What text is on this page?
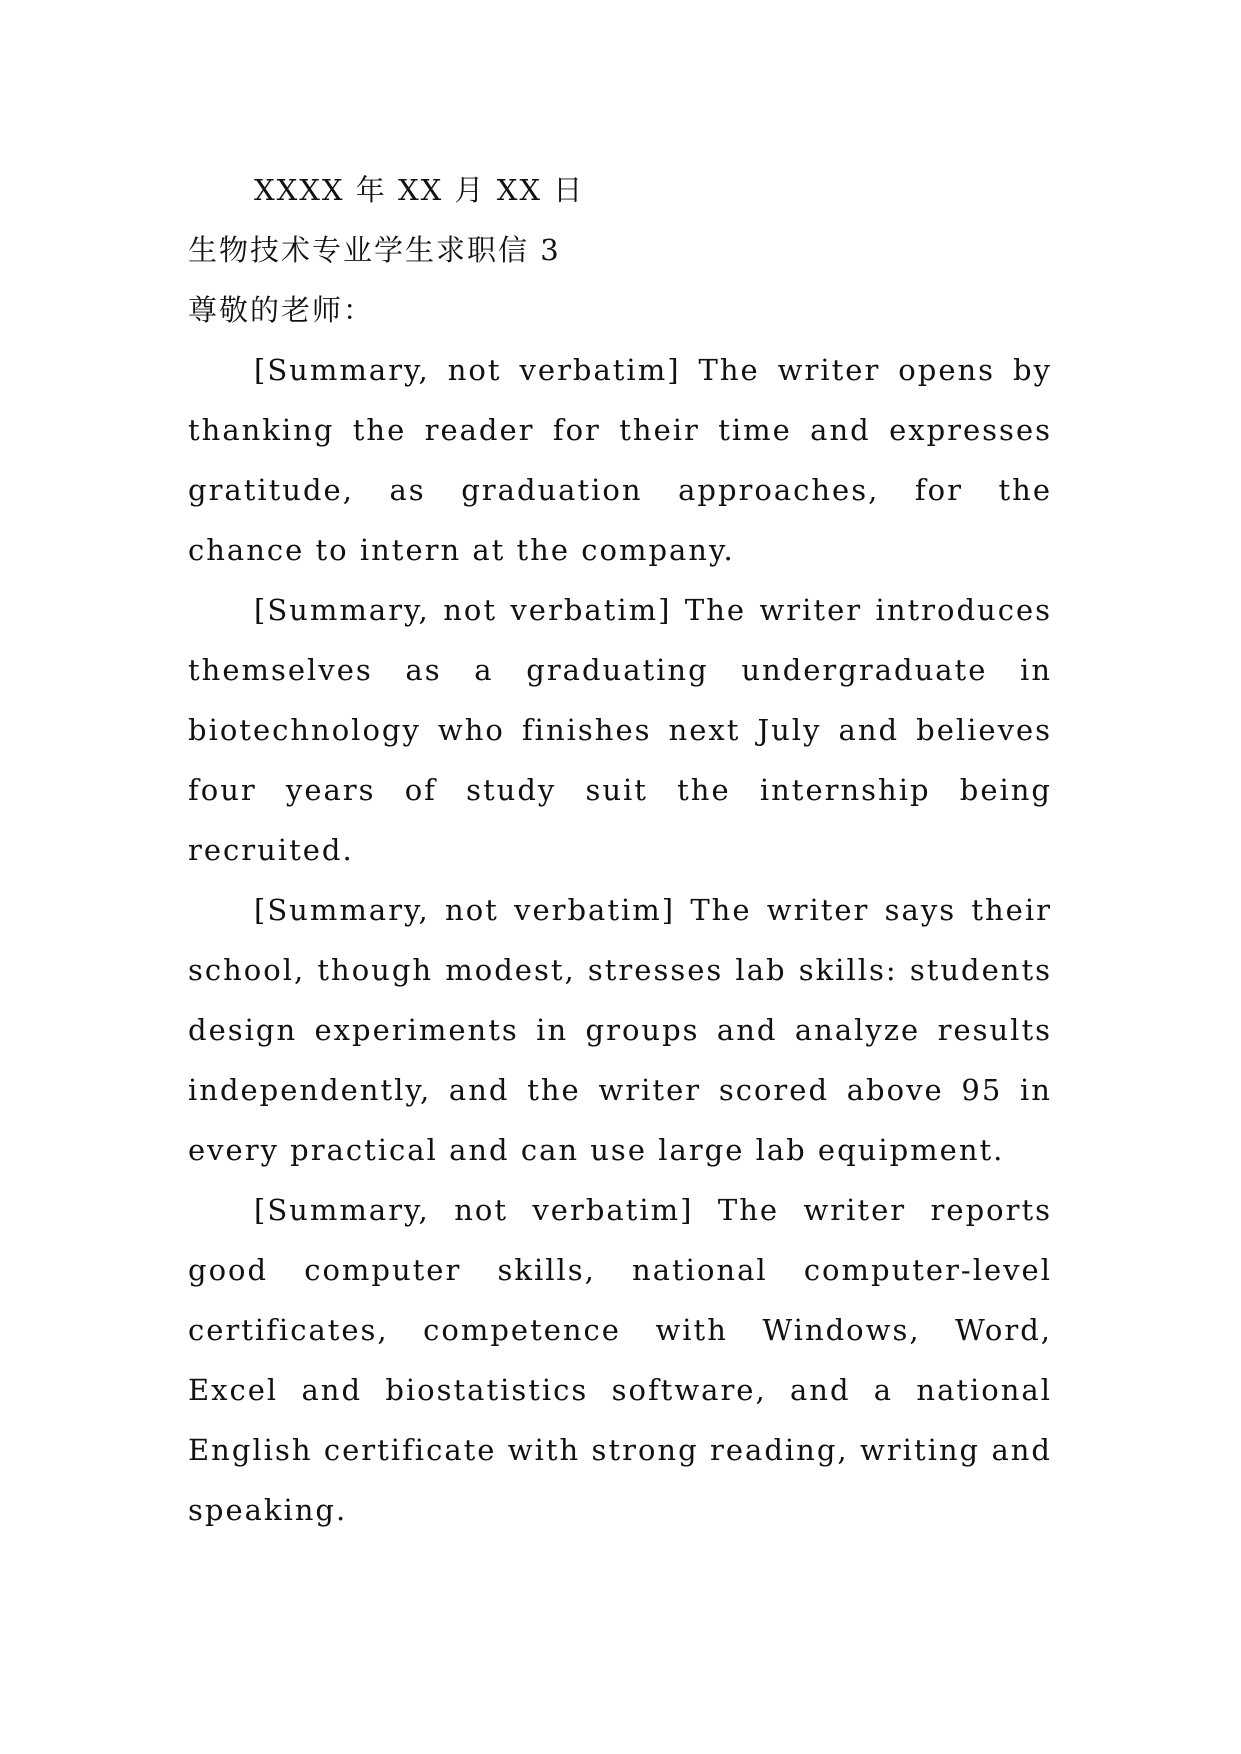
XXXX 年 XX 月 XX 日

生物技术专业学生求职信 3

尊敬的老师：

[Summary, not verbatim] The writer opens by thanking the reader for their time and expresses gratitude, as graduation approaches, for the chance to intern at the company.

[Summary, not verbatim] The writer introduces themselves as a graduating undergraduate in biotechnology who finishes next July and believes four years of study suit the internship being recruited.

[Summary, not verbatim] The writer says their school, though modest, stresses lab skills: students design experiments in groups and analyze results independently, and the writer scored above 95 in every practical and can use large lab equipment.

[Summary, not verbatim] The writer reports good computer skills, national computer-level certificates, competence with Windows, Word, Excel and biostatistics software, and a national English certificate with strong reading, writing and speaking.
